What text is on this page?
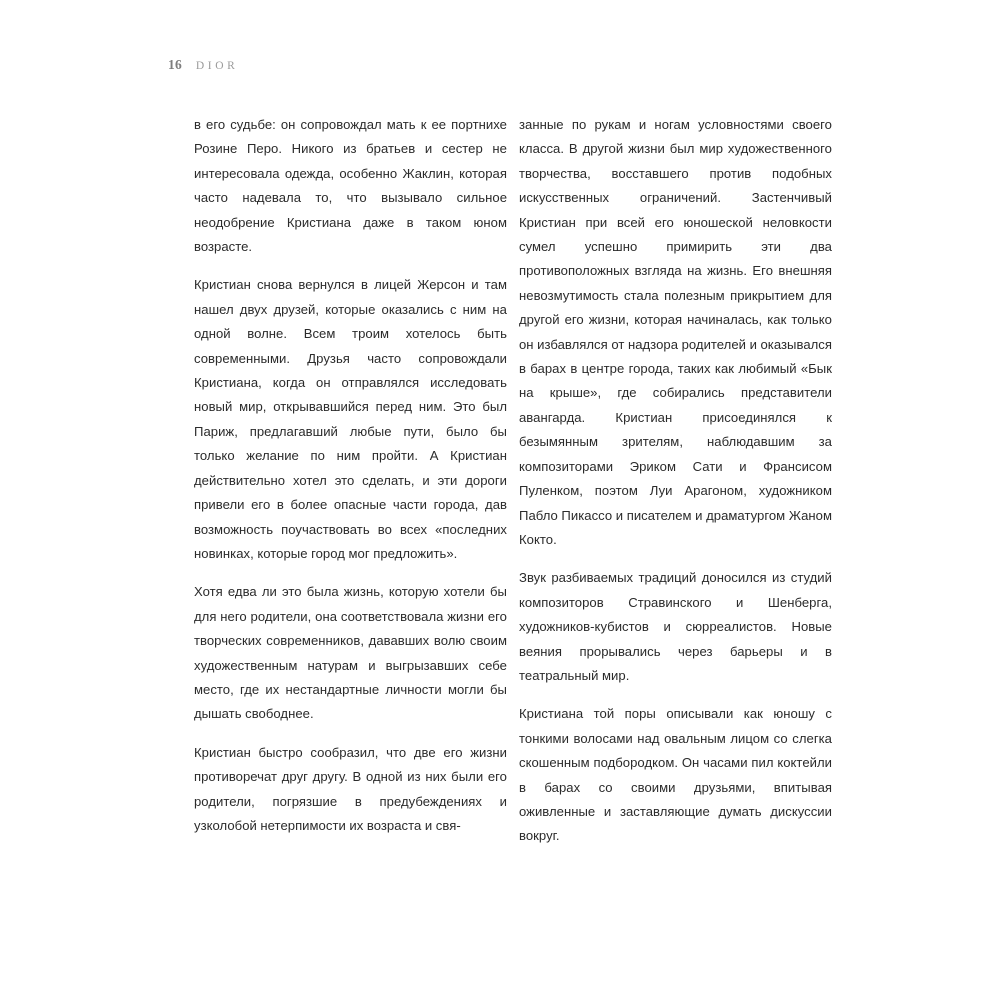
16 DIOR

в его судьбе: он сопровождал мать к ее портнихе Розине Перо. Никого из братьев и сестер не интересовала одежда, особенно Жаклин, которая часто надевала то, что вызывало сильное неодобрение Кристиана даже в таком юном возрасте.

Кристиан снова вернулся в лицей Жерсон и там нашел двух друзей, которые оказались с ним на одной волне. Всем троим хотелось быть современными. Друзья часто сопровождали Кристиана, когда он отправлялся исследовать новый мир, открывавшийся перед ним. Это был Париж, предлагавший любые пути, было бы только желание по ним пройти. А Кристиан действительно хотел это сделать, и эти дороги привели его в более опасные части города, дав возможность поучаствовать во всех «последних новинках, которые город мог предложить».

Хотя едва ли это была жизнь, которую хотели бы для него родители, она соответствовала жизни его творческих современников, дававших волю своим художественным натурам и выгрызавших себе место, где их нестандартные личности могли бы дышать свободнее.

Кристиан быстро сообразил, что две его жизни противоречат друг другу. В одной из них были его родители, погрязшие в предубеждениях и узколобой нетерпимости их возраста и свя-

занные по рукам и ногам условностями своего класса. В другой жизни был мир художественного творчества, восставшего против подобных искусственных ограничений. Застенчивый Кристиан при всей его юношеской неловкости сумел успешно примирить эти два противоположных взгляда на жизнь. Его внешняя невозмутимость стала полезным прикрытием для другой его жизни, которая начиналась, как только он избавлялся от надзора родителей и оказывался в барах в центре города, таких как любимый «Бык на крыше», где собирались представители авангарда. Кристиан присоединялся к безымянным зрителям, наблюдавшим за композиторами Эриком Сати и Франсисом Пуленком, поэтом Луи Арагоном, художником Пабло Пикассо и писателем и драматургом Жаном Кокто.

Звук разбиваемых традиций доносился из студий композиторов Стравинского и Шенберга, художников-кубистов и сюрреалистов. Новые веяния прорывались через барьеры и в театральный мир.

Кристиана той поры описывали как юношу с тонкими волосами над овальным лицом со слегка скошенным подбородком. Он часами пил коктейли в барах со своими друзьями, впитывая оживленные и заставляющие думать дискуссии вокруг.
